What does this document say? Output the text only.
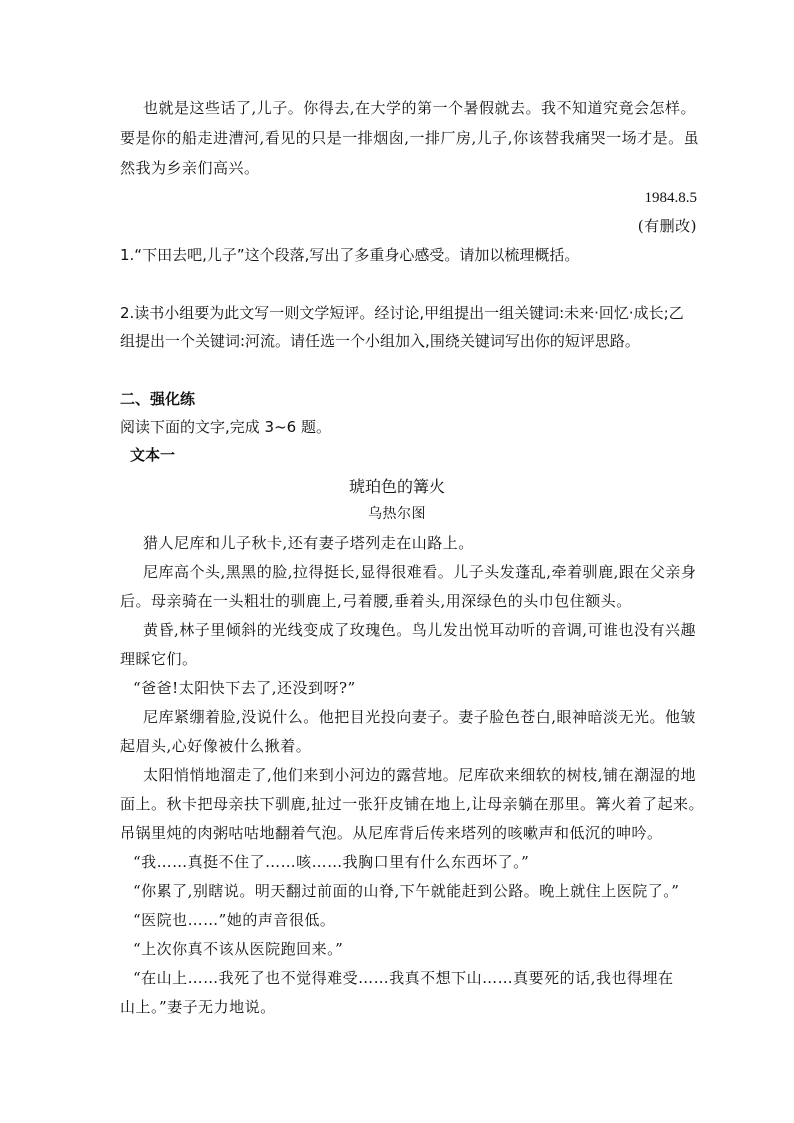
也就是这些话了,儿子。你得去,在大学的第一个暑假就去。我不知道究竟会怎样。
要是你的船走进漕河,看见的只是一排烟囱,一排厂房,儿子,你该替我痛哭一场才是。虽
然我为乡亲们高兴。
1984.8.5
(有删改)
1.“下田去吧,儿子”这个段落,写出了多重身心感受。请加以梳理概括。
2.读书小组要为此文写一则文学短评。经讨论,甲组提出一组关键词:未来·回忆·成长;乙
组提出一个关键词:河流。请任选一个小组加入,围绕关键词写出你的短评思路。
二、强化练
阅读下面的文字,完成 3~6 题。
文本一
琥珀色的篝火
乌热尔图
猎人尼库和儿子秋卡,还有妻子塔列走在山路上。
尼库高个头,黑黑的脸,拉得挺长,显得很难看。儿子头发蓬乱,牵着驯鹿,跟在父亲身
后。母亲骑在一头粗壮的驯鹿上,弓着腰,垂着头,用深绿色的头巾包住额头。
黄昏,林子里倾斜的光线变成了玫瑰色。鸟儿发出悦耳动听的音调,可谁也没有兴趣
理睬它们。
“爸爸!太阳快下去了,还没到呀?”
尼库紧绷着脸,没说什么。他把目光投向妻子。妻子脸色苍白,眼神暗淡无光。他皱
起眉头,心好像被什么揪着。
太阳悄悄地溜走了,他们来到小河边的露营地。尼库砍来细软的树枝,铺在潮湿的地
面上。秋卡把母亲扶下驯鹿,扯过一张犴皮铺在地上,让母亲躺在那里。篝火着了起来。
吊锅里炖的肉粥咕咕地翻着气泡。从尼库背后传来塔列的咳嗽声和低沉的呻吟。
“我……真挺不住了……咳……我胸口里有什么东西坏了。”
“你累了,别瞎说。明天翻过前面的山脊,下午就能赶到公路。晚上就住上医院了。”
“医院也……”她的声音很低。
“上次你真不该从医院跑回来。”
“在山上……我死了也不觉得难受……我真不想下山……真要死的话,我也得埋在
山上。”妻子无力地说。
